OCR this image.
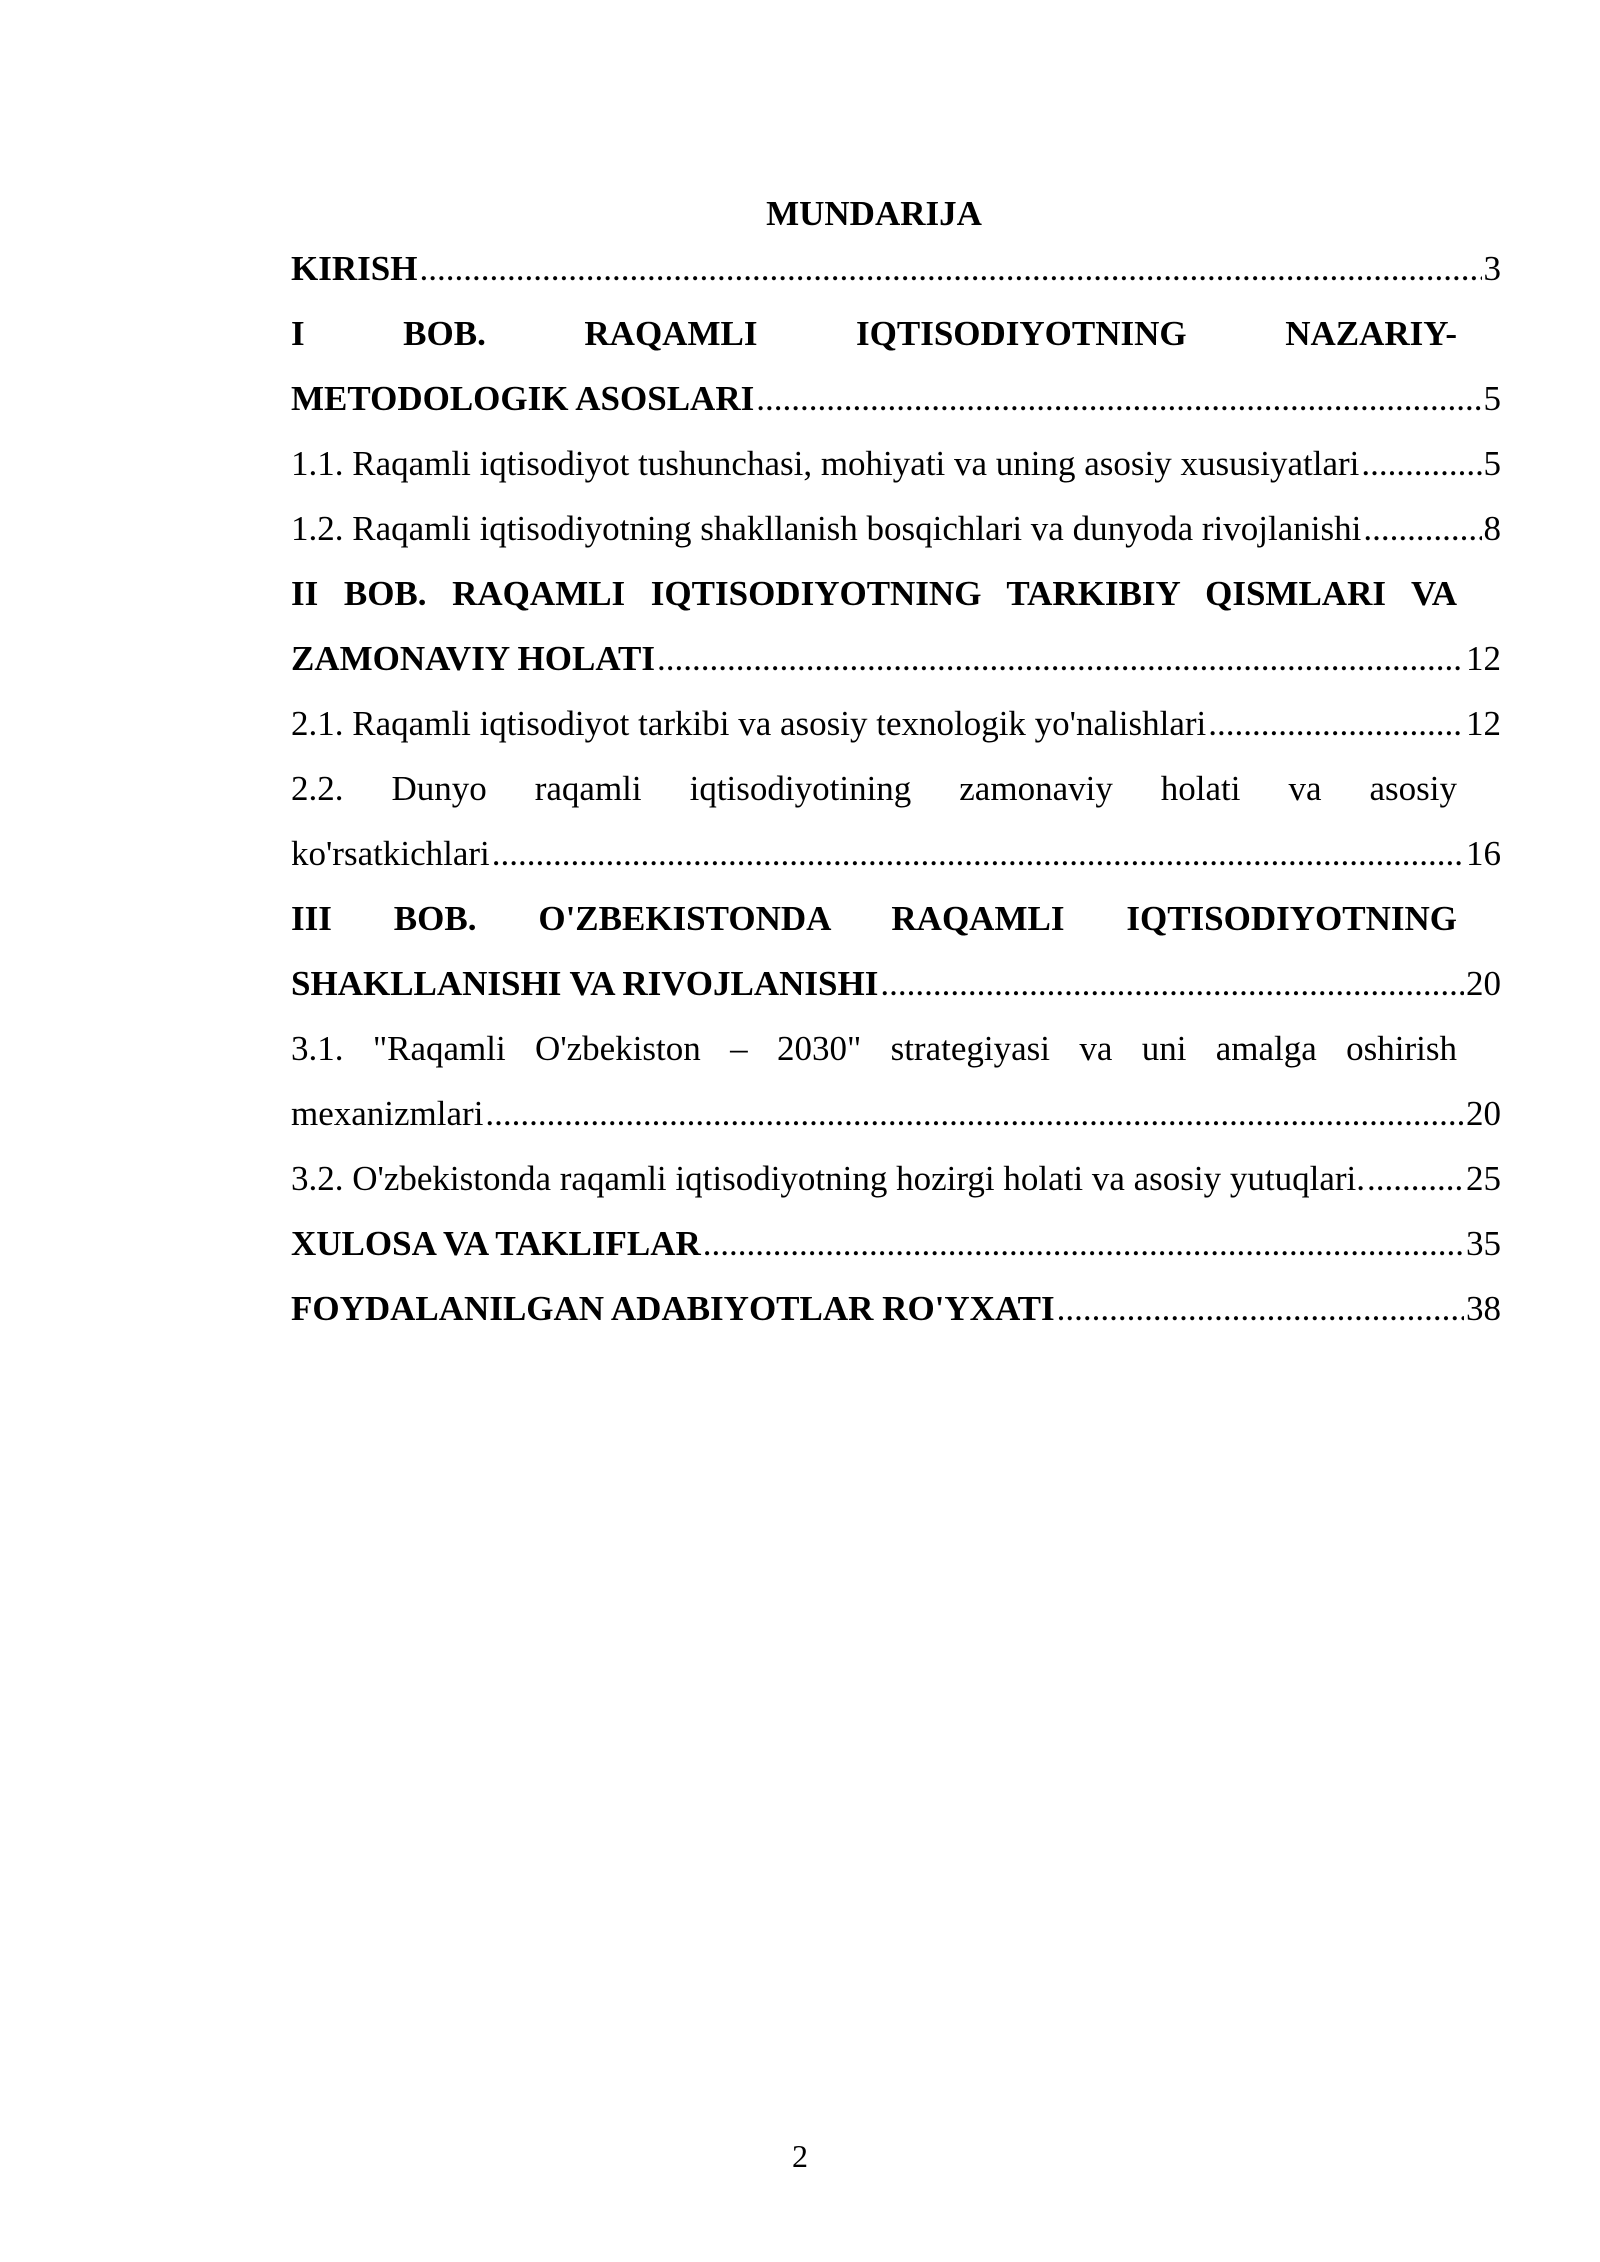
MUNDARIJA
KIRISH .....	3
I BOB. RAQAMLI IQTISODIYOTNING NAZARIY-
METODOLOGIK ASOSLARI .....	5
1.1. Raqamli iqtisodiyot tushunchasi, mohiyati va uning asosiy xususiyatlari .....	5
1.2. Raqamli iqtisodiyotning shakllanish bosqichlari va dunyoda rivojlanishi .....	8
II BOB. RAQAMLI IQTISODIYOTNING TARKIBIY QISMLARI VA
ZAMONAVIY HOLATI .....	12
2.1. Raqamli iqtisodiyot tarkibi va asosiy texnologik yo'nalishlari .....	12
2.2. Dunyo raqamli iqtisodiyotining zamonaviy holati va asosiy
ko'rsatkichlari .....	16
III BOB. O'ZBEKISTONDA RAQAMLI IQTISODIYOTNING
SHAKLLANISHI VA RIVOJLANISHI .....	20
3.1. "Raqamli O'zbekiston – 2030" strategiyasi va uni amalga oshirish
mexanizmlari .....	20
3.2. O'zbekistonda raqamli iqtisodiyotning hozirgi holati va asosiy yutuqlari. .....	25
XULOSA VA TAKLIFLAR .....	35
FOYDALANILGAN ADABIYOTLAR RO'YXATI .....	38
2
